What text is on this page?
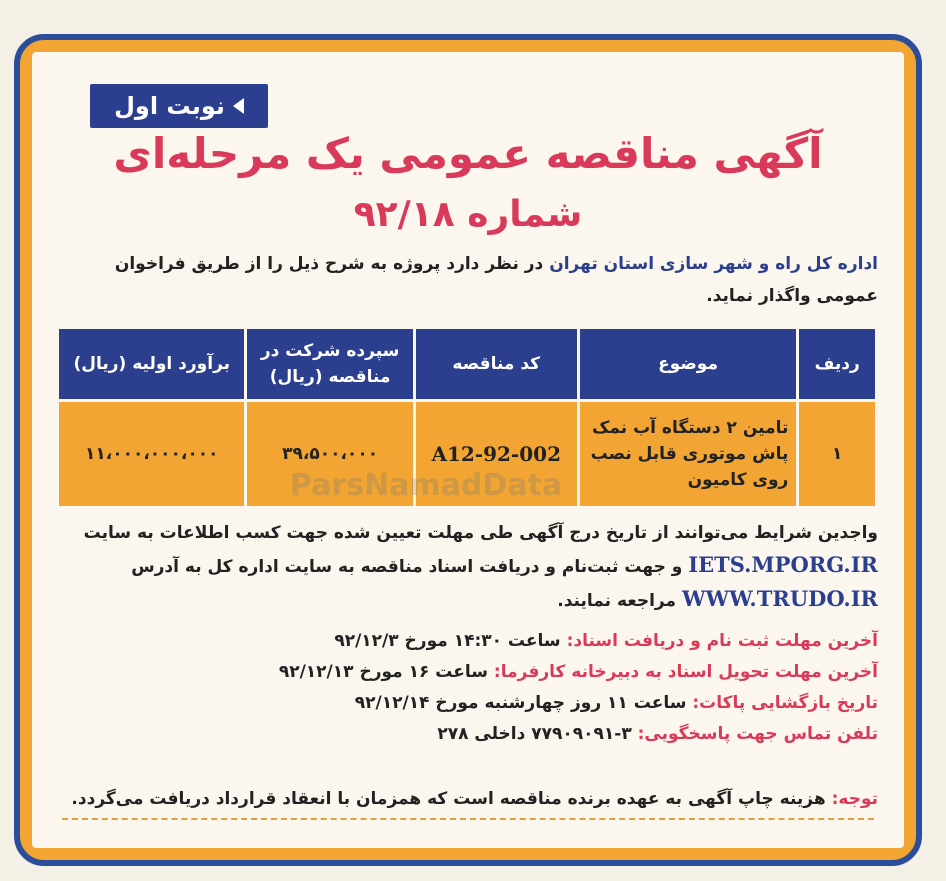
نوبت اول
آگهی مناقصه عمومی یک مرحله‌ای
شماره ۹۲/۱۸
اداره کل راه و شهر سازی استان تهران در نظر دارد پروژه به شرح ذیل را از طریق فراخوان عمومی واگذار نماید.
ردیف	موضوع	کد مناقصه	سپرده شرکت در مناقصه (ریال)	برآورد اولیه (ریال)
۱	تامین ۲ دستگاه آب نمک پاش موتوری قابل نصب روی کامیون	A12-92-002	۳۹،۵۰۰،۰۰۰	۱۱،۰۰۰،۰۰۰،۰۰۰
واجدین شرایط می‌توانند از تاریخ درج آگهی طی مهلت تعیین شده جهت کسب اطلاعات به سایت IETS.MPORG.IR و جهت ثبت‌نام و دریافت اسناد مناقصه به سایت اداره کل به آدرس WWW.TRUDO.IR مراجعه نمایند.
آخرین مهلت ثبت نام و دریافت اسناد: ساعت ۱۴:۳۰ مورخ ۹۲/۱۲/۳
آخرین مهلت تحویل اسناد به دبیرخانه کارفرما: ساعت ۱۶ مورخ ۹۲/۱۲/۱۳
تاریخ بازگشایی پاکات: ساعت ۱۱ روز چهارشنبه مورخ ۹۲/۱۲/۱۴
تلفن تماس جهت پاسخگویی: ۳-۷۷۹۰۹۰۹۱ داخلی ۲۷۸
توجه: هزینه چاپ آگهی به عهده برنده مناقصه است که همزمان با انعقاد قرارداد دریافت می‌گردد.
ParsNamadData
